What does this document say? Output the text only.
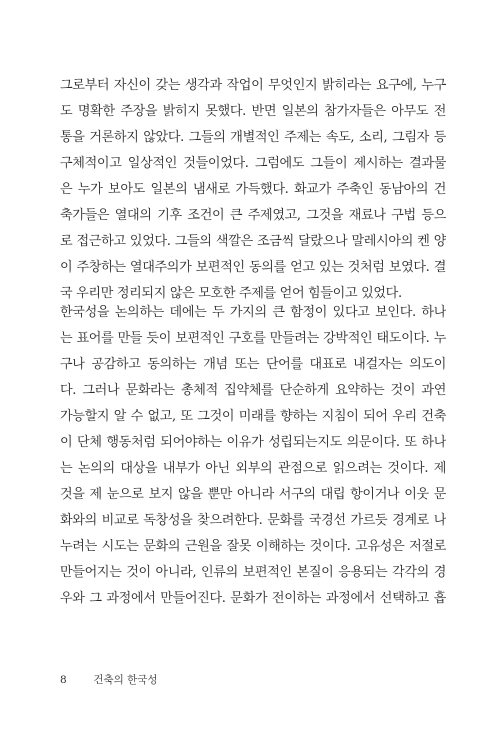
그로부터 자신이 갖는 생각과 작업이 무엇인지 밝히라는 요구에, 누구
도 명확한 주장을 밝히지 못했다. 반면 일본의 참가자들은 아무도 전
통을 거론하지 않았다. 그들의 개별적인 주제는 속도, 소리, 그림자 등
구체적이고 일상적인 것들이었다. 그럼에도 그들이 제시하는 결과물
은 누가 보아도 일본의 냄새로 가득했다. 화교가 주축인 동남아의 건
축가들은 열대의 기후 조건이 큰 주제였고, 그것을 재료나 구법 등으
로 접근하고 있었다. 그들의 색깔은 조금씩 달랐으나 말레시아의 켄 양
이 주창하는 열대주의가 보편적인 동의를 얻고 있는 것처럼 보였다. 결
국 우리만 정리되지 않은 모호한 주제를 얻어 힘들이고 있었다.
한국성을 논의하는 데에는 두 가지의 큰 함정이 있다고 보인다. 하나
는 표어를 만들 듯이 보편적인 구호를 만들려는 강박적인 태도이다. 누
구나 공감하고 동의하는 개념 또는 단어를 대표로 내걸자는 의도이
다. 그러나 문화라는 총체적 집약체를 단순하게 요약하는 것이 과연
가능할지 알 수 없고, 또 그것이 미래를 향하는 지침이 되어 우리 건축
이 단체 행동처럼 되어야하는 이유가 성립되는지도 의문이다. 또 하나
는 논의의 대상을 내부가 아닌 외부의 관점으로 읽으려는 것이다. 제
것을 제 눈으로 보지 않을 뿐만 아니라 서구의 대립 항이거나 이웃 문
화와의 비교로 독창성을 찾으려한다. 문화를 국경선 가르듯 경계로 나
누려는 시도는 문화의 근원을 잘못 이해하는 것이다. 고유성은 저절로
만들어지는 것이 아니라, 인류의 보편적인 본질이 응용되는 각각의 경
우와 그 과정에서 만들어진다. 문화가 전이하는 과정에서 선택하고 흡
8	건축의 한국성
